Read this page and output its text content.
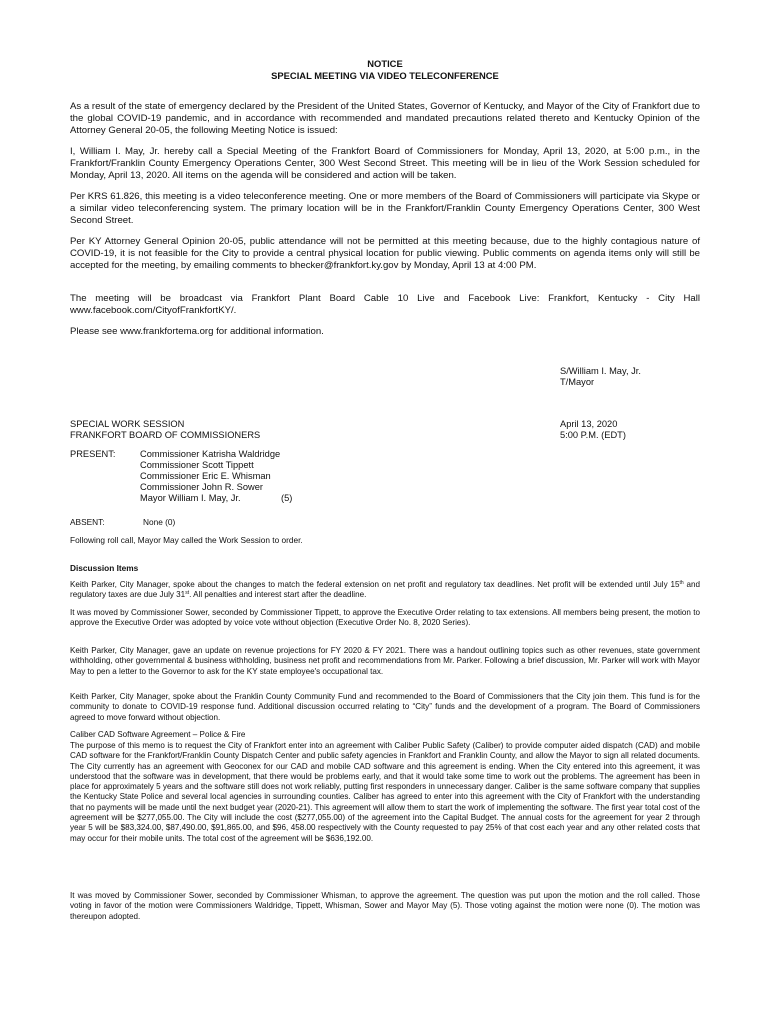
NOTICE
SPECIAL MEETING VIA VIDEO TELECONFERENCE
As a result of the state of emergency declared by the President of the United States, Governor of Kentucky, and Mayor of the City of Frankfort due to the global COVID-19 pandemic, and in accordance with recommended and mandated precautions related thereto and Kentucky Opinion of the Attorney General 20-05, the following Meeting Notice is issued:
I, William I. May, Jr. hereby call a Special Meeting of the Frankfort Board of Commissioners for Monday, April 13, 2020, at 5:00 p.m., in the Frankfort/Franklin County Emergency Operations Center, 300 West Second Street. This meeting will be in lieu of the Work Session scheduled for Monday, April 13, 2020. All items on the agenda will be considered and action will be taken.
Per KRS 61.826, this meeting is a video teleconference meeting. One or more members of the Board of Commissioners will participate via Skype or a similar video teleconferencing system. The primary location will be in the Frankfort/Franklin County Emergency Operations Center, 300 West Second Street.
Per KY Attorney General Opinion 20-05, public attendance will not be permitted at this meeting because, due to the highly contagious nature of COVID-19, it is not feasible for the City to provide a central physical location for public viewing. Public comments on agenda items only will still be accepted for the meeting, by emailing comments to bhecker@frankfort.ky.gov by Monday, April 13 at 4:00 PM.
The meeting will be broadcast via Frankfort Plant Board Cable 10 Live and Facebook Live: Frankfort, Kentucky - City Hall www.facebook.com/CityofFrankfortKY/.
Please see www.frankfortema.org for additional information.
S/William I. May, Jr.
T/Mayor
SPECIAL WORK SESSION
FRANKFORT BOARD OF COMMISSIONERS
April 13, 2020
5:00 P.M. (EDT)
PRESENT:	Commissioner Katrisha Waldridge
Commissioner Scott Tippett
Commissioner Eric E. Whisman
Commissioner John R. Sower
Mayor William I. May, Jr.	(5)
ABSENT:	None (0)
Following roll call, Mayor May called the Work Session to order.
Discussion Items
Keith Parker, City Manager, spoke about the changes to match the federal extension on net profit and regulatory tax deadlines. Net profit will be extended until July 15th and regulatory taxes are due July 31st. All penalties and interest start after the deadline.
It was moved by Commissioner Sower, seconded by Commissioner Tippett, to approve the Executive Order relating to tax extensions. All members being present, the motion to approve the Executive Order was adopted by voice vote without objection (Executive Order No. 8, 2020 Series).
Keith Parker, City Manager, gave an update on revenue projections for FY 2020 & FY 2021. There was a handout outlining topics such as other revenues, state government withholding, other governmental & business withholding, business net profit and recommendations from Mr. Parker. Following a brief discussion, Mr. Parker will work with Mayor May to pen a letter to the Governor to ask for the KY state employee's occupational tax.
Keith Parker, City Manager, spoke about the Franklin County Community Fund and recommended to the Board of Commissioners that the City join them. This fund is for the community to donate to COVID-19 response fund. Additional discussion occurred relating to “City” funds and the development of a program. The Board of Commissioners agreed to move forward without objection.
Caliber CAD Software Agreement – Police & Fire
The purpose of this memo is to request the City of Frankfort enter into an agreement with Caliber Public Safety (Caliber) to provide computer aided dispatch (CAD) and mobile CAD software for the Frankfort/Franklin County Dispatch Center and public safety agencies in Frankfort and Franklin County, and allow the Mayor to sign all related documents. The City currently has an agreement with Geoconex for our CAD and mobile CAD software and this agreement is ending. When the City entered into this agreement, it was understood that the software was in development, that there would be problems early, and that it would take some time to work out the problems. The agreement has been in place for approximately 5 years and the software still does not work reliably, putting first responders in unnecessary danger. Caliber is the same software company that supplies the Kentucky State Police and several local agencies in surrounding counties. Caliber has agreed to enter into this agreement with the City of Frankfort with the understanding that no payments will be made until the next budget year (2020-21). This agreement will allow them to start the work of implementing the software. The first year total cost of the agreement will be $277,055.00. The City will include the cost ($277,055.00) of the agreement into the Capital Budget. The annual costs for the agreement for year 2 through year 5 will be $83,324.00, $87,490.00, $91,865.00, and $96, 458.00 respectively with the County requested to pay 25% of that cost each year and any other related costs that may occur for their mobile units. The total cost of the agreement will be $636,192.00.
It was moved by Commissioner Sower, seconded by Commissioner Whisman, to approve the agreement. The question was put upon the motion and the roll called. Those voting in favor of the motion were Commissioners Waldridge, Tippett, Whisman, Sower and Mayor May (5). Those voting against the motion were none (0). The motion was thereupon adopted.
